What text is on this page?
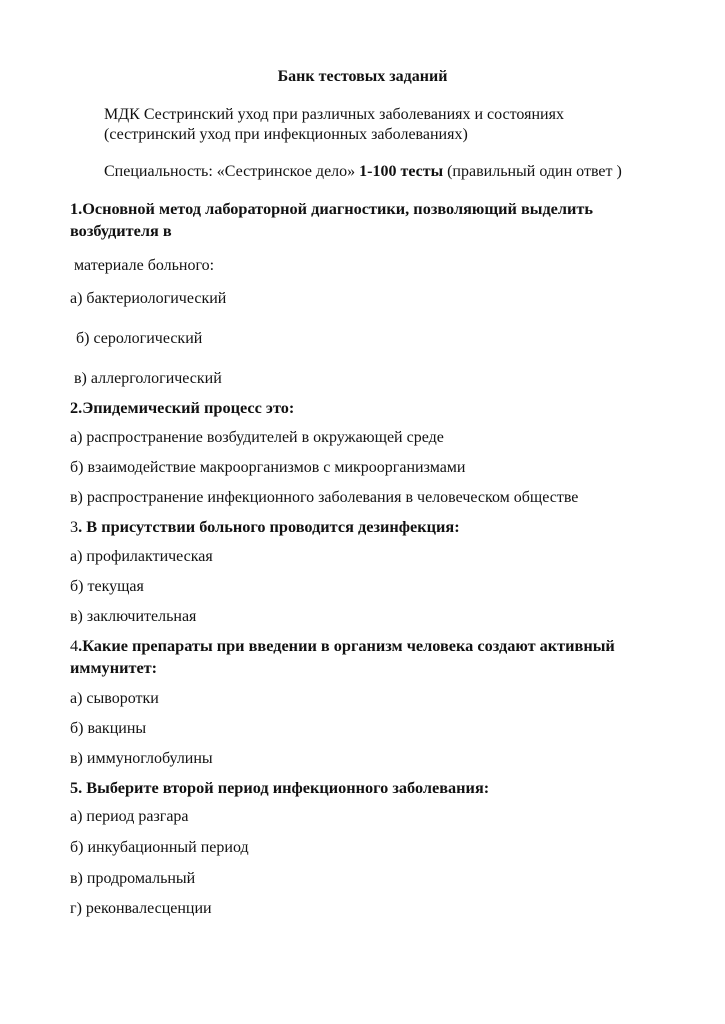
Банк тестовых заданий
МДК Сестринский уход при различных заболеваниях и состояниях
(сестринский уход при инфекционных заболеваниях)
Специальность: «Сестринское дело» 1-100 тесты (правильный один ответ )
1.Основной метод лабораторной диагностики, позволяющий выделить
возбудителя в
материале больного:
а) бактериологический
б) серологический
в) аллергологический
2.Эпидемический процесс это:
а) распространение возбудителей в окружающей среде
б) взаимодействие макроорганизмов с микроорганизмами
в) распространение инфекционного заболевания в человеческом обществе
3. В присутствии больного проводится дезинфекция:
а) профилактическая
б) текущая
в) заключительная
4.Какие препараты при введении в организм человека создают активный
иммунитет:
а) сыворотки
б) вакцины
в) иммуноглобулины
5. Выберите второй период инфекционного заболевания:
а) период разгара
б) инкубационный период
в) продромальный
г) реконвалесценции
